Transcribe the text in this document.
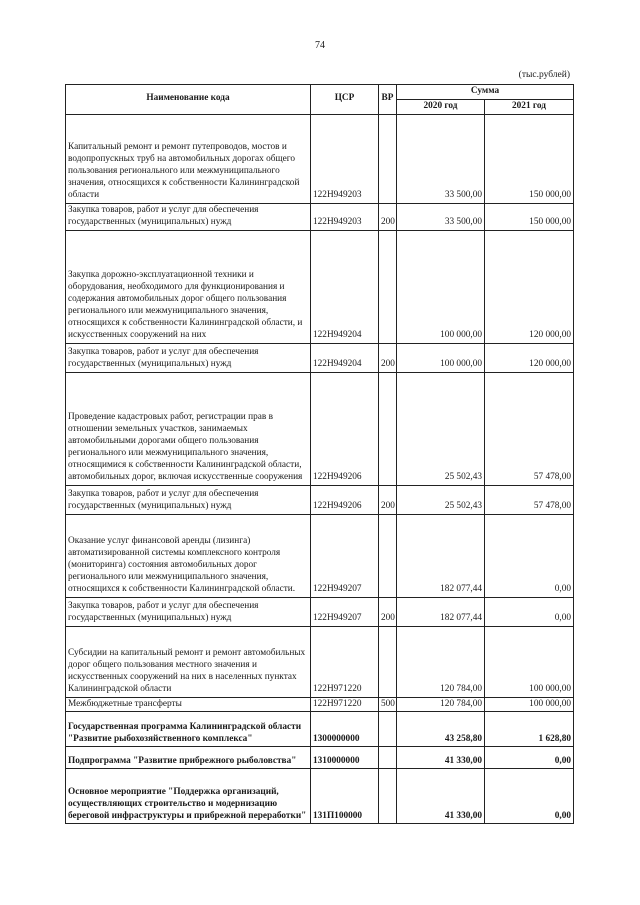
74
(тыс.рублей)
Наименование кода	ЦСР	ВР	Сумма	
			2020 год	2021 год
Капитальный ремонт и ремонт путепроводов, мостов и водопропускных труб на автомобильных дорогах общего пользования регионального или межмуниципального значения, относящихся к собственности Калининградской области	122Н949203		33 500,00	150 000,00
Закупка товаров, работ и услуг для обеспечения государственных (муниципальных) нужд	122Н949203	200	33 500,00	150 000,00
Закупка дорожно-эксплуатационной техники и оборудования, необходимого для функционирования и содержания автомобильных дорог общего пользования регионального или межмуниципального значения, относящихся к собственности Калининградской области, и искусственных сооружений на них	122Н949204		100 000,00	120 000,00
Закупка товаров, работ и услуг для обеспечения государственных (муниципальных) нужд	122Н949204	200	100 000,00	120 000,00
Проведение кадастровых работ, регистрации прав в отношении земельных участков, занимаемых автомобильными дорогами общего пользования регионального или межмуниципального значения, относящимися к собственности Калининградской области, автомобильных дорог, включая искусственные сооружения	122Н949206		25 502,43	57 478,00
Закупка товаров, работ и услуг для обеспечения государственных (муниципальных) нужд	122Н949206	200	25 502,43	57 478,00
Оказание услуг финансовой аренды (лизинга) автоматизированной системы комплексного контроля (мониторинга) состояния автомобильных дорог регионального или межмуниципального значения, относящихся к собственности Калининградской области.	122Н949207		182 077,44	0,00
Закупка товаров, работ и услуг для обеспечения государственных (муниципальных) нужд	122Н949207	200	182 077,44	0,00
Субсидии на капитальный ремонт и ремонт автомобильных дорог общего пользования местного значения и искусственных сооружений на них в населенных пунктах Калининградской области	122Н971220		120 784,00	100 000,00
Межбюджетные трансферты	122Н971220	500	120 784,00	100 000,00
Государственная программа Калининградской области "Развитие рыбохозяйственного комплекса"	1300000000		43 258,80	1 628,80
Подпрограмма "Развитие прибрежного рыболовства"	1310000000		41 330,00	0,00
Основное мероприятие "Поддержка организаций, осуществляющих строительство и модернизацию береговой инфраструктуры и прибрежной переработки"	131П100000		41 330,00	0,00
